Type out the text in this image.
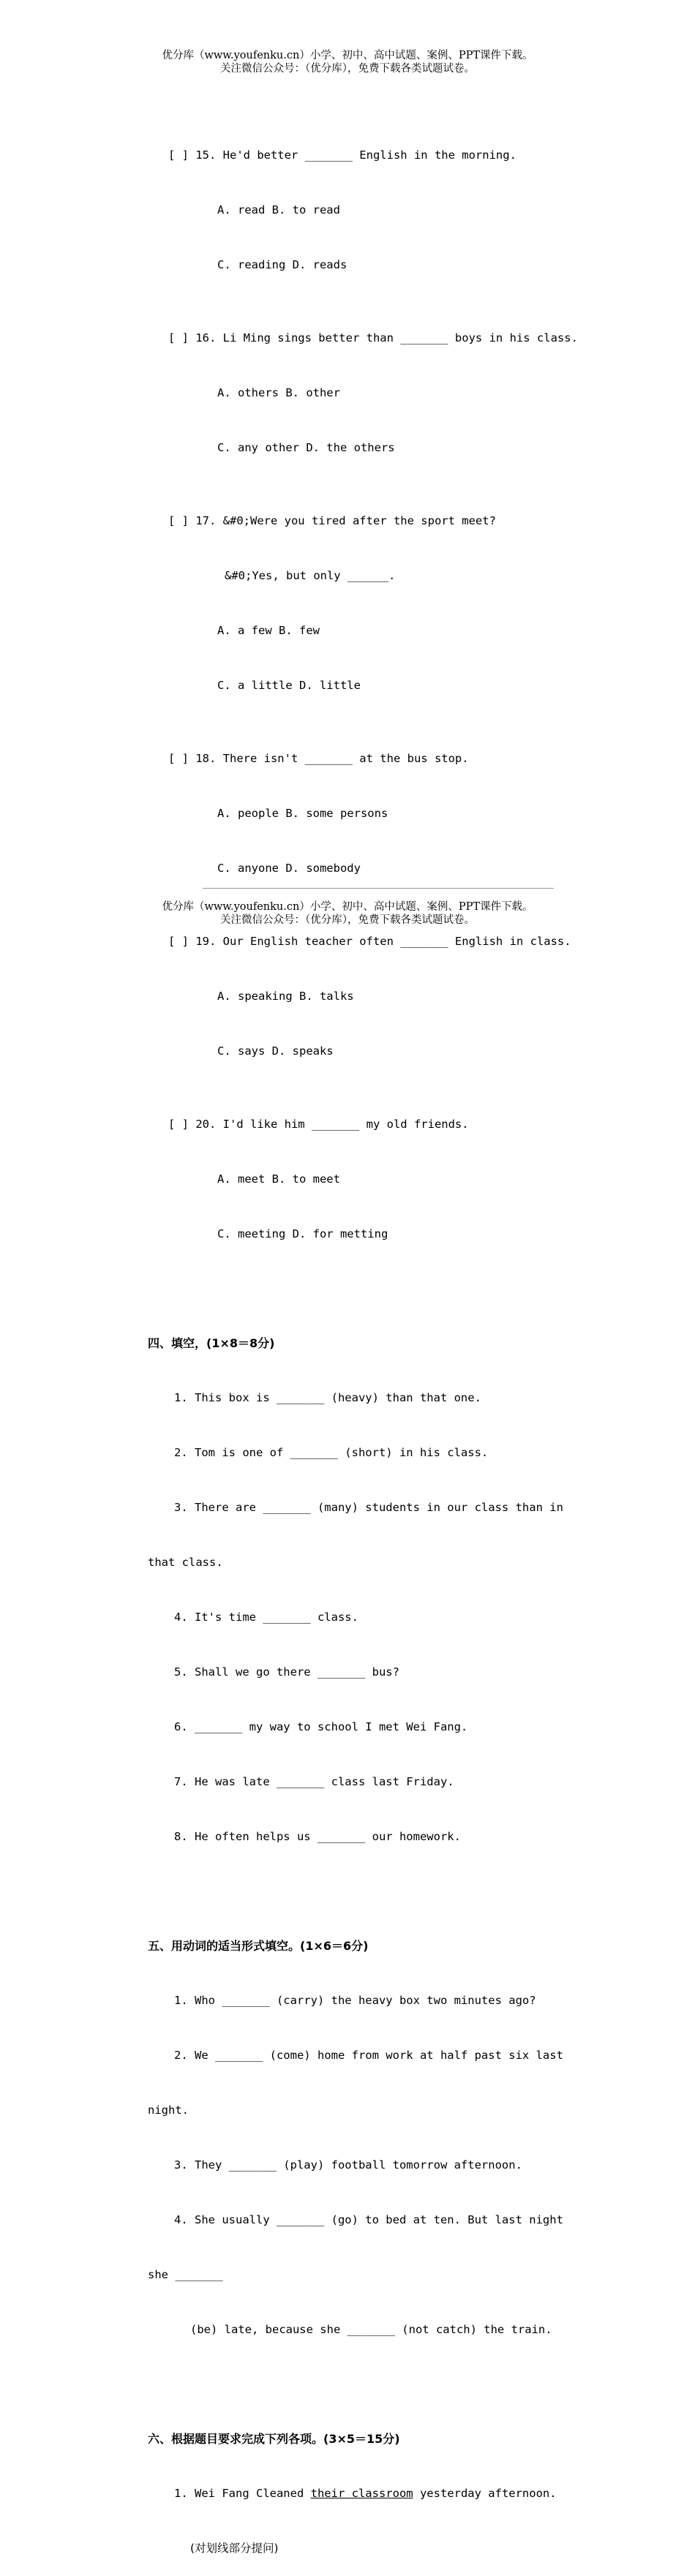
优分库（www.youfenku.cn）小学、初中、高中试题、案例、PPT课件下载。
关注微信公众号：（优分库），免费下载各类试题试卷。

[ ] 15. He'd better _______ English in the morning.

A. read B. to read

C. reading D. reads

[ ] 16. Li Ming sings better than _______ boys in his class.

A. others B. other

C. any other D. the others

[ ] 17. &#0;Were you tired after the sport meet?

&#0;Yes, but only ______.

A. a few B. few

C. a little D. little

[ ] 18. There isn't _______ at the bus stop.

A. people B. some persons

C. anyone D. somebody

[ ] 19. Our English teacher often _______ English in class.

A. speaking B. talks

C. says D. speaks

[ ] 20. I'd like him _______ my old friends.

A. meet B. to meet

C. meeting D. for metting

四、填空，(1×8＝8分)

1. This box is _______ (heavy) than that one.

2. Tom is one of _______ (short) in his class.

3. There are _______ (many) students in our class than in

that class.

4. It's time _______ class.

5. Shall we go there _______ bus?

6. _______ my way to school I met Wei Fang.

7. He was late _______ class last Friday.

8. He often helps us _______ our homework.

五、用动词的适当形式填空。(1×6＝6分)

1. Who _______ (carry) the heavy box two minutes ago?

2. We _______ (come) home from work at half past six last

night.

3. They _______ (play) football tomorrow afternoon.

4. She usually _______ (go) to bed at ten. But last night

she _______

(be) late, because she _______ (not catch) the train.

六、根据题目要求完成下列各项。(3×5＝15分)

1. Wei Fang Cleaned their classroom yesterday afternoon.

(对划线部分提问)

优分库（www.youfenku.cn）小学、初中、高中试题、案例、PPT课件下载。
关注微信公众号：（优分库），免费下载各类试题试卷。
